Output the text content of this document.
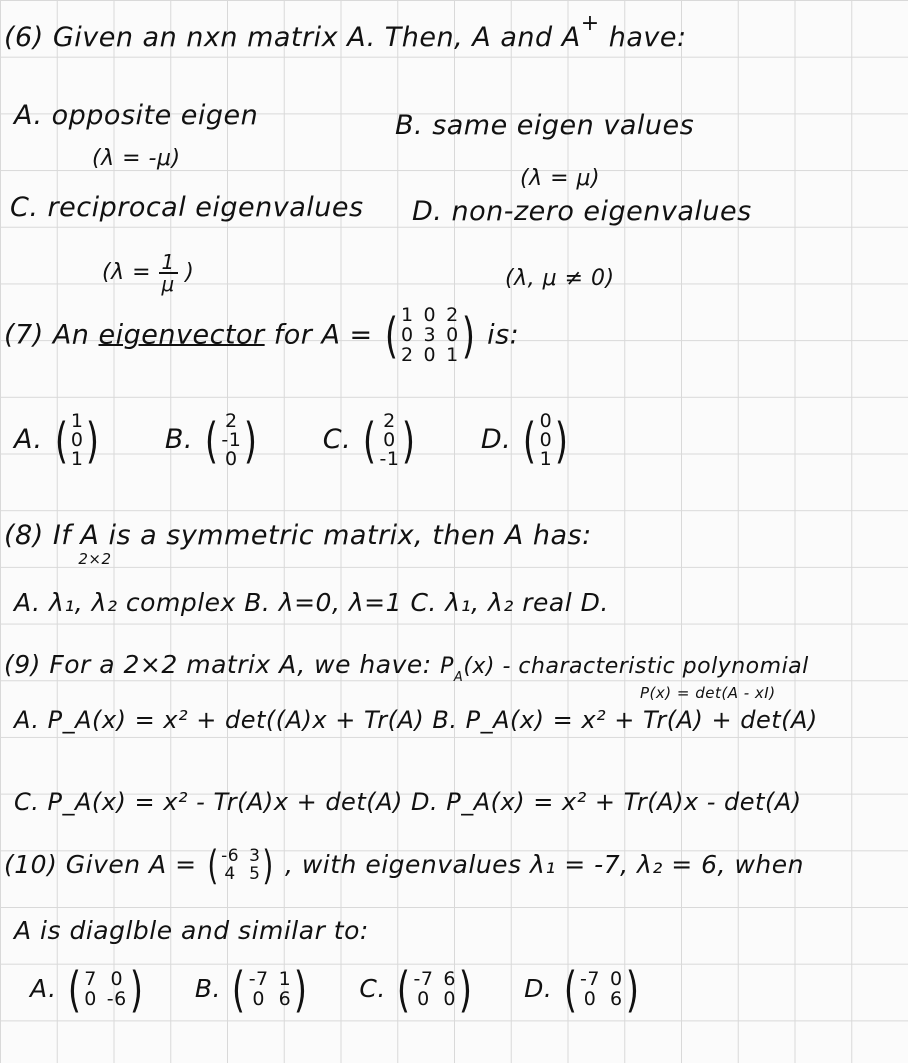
(6) Given an nxn matrix A. Then, A and A+ have:
A. opposite eigen	B. same eigen values
(λ = -μ)
(λ = μ)
C. reciprocal eigenvalues D. non-zero eigenvalues
($\lambda = \frac{1}{\mu}$ )	(λ, μ ≠ 0)
(7) An eigenvector for A = ( 1 0 2
0 3 0
2 0 1 ) is:
A. ( 1
0
1 ) B. ( 2
-1
0 ) C. ( 2
0
-1 ) D. ( 0
0
1 )
(8) If A
2×2
is a symmetric matrix, then A has:
A. λ₁, λ₂ complex B. λ=0, λ=1 C. λ₁, λ₂ real D.
(9) For a 2×2 matrix A, we have: $P_A(x)$ - characteristic polynomial
P(x) = det(A - xI)
A. P_A(x) = x² + det((A)x + Tr(A) B. P_A(x) = x² + Tr(A) + det(A)
C. P_A(x) = x² - Tr(A)x + det(A) D. P_A(x) = x² + Tr(A)x - det(A)
(10) Given A = ( -6 3
4 5 ) , with eigenvalues λ₁ = -7, λ₂ = 6, when
A is diaglble and similar to:
A. ( 7 0
0 -6 ) B. ( -7 1
0 6 ) C. ( -7 6
0 0 ) D. ( -7 0
0 6 )
